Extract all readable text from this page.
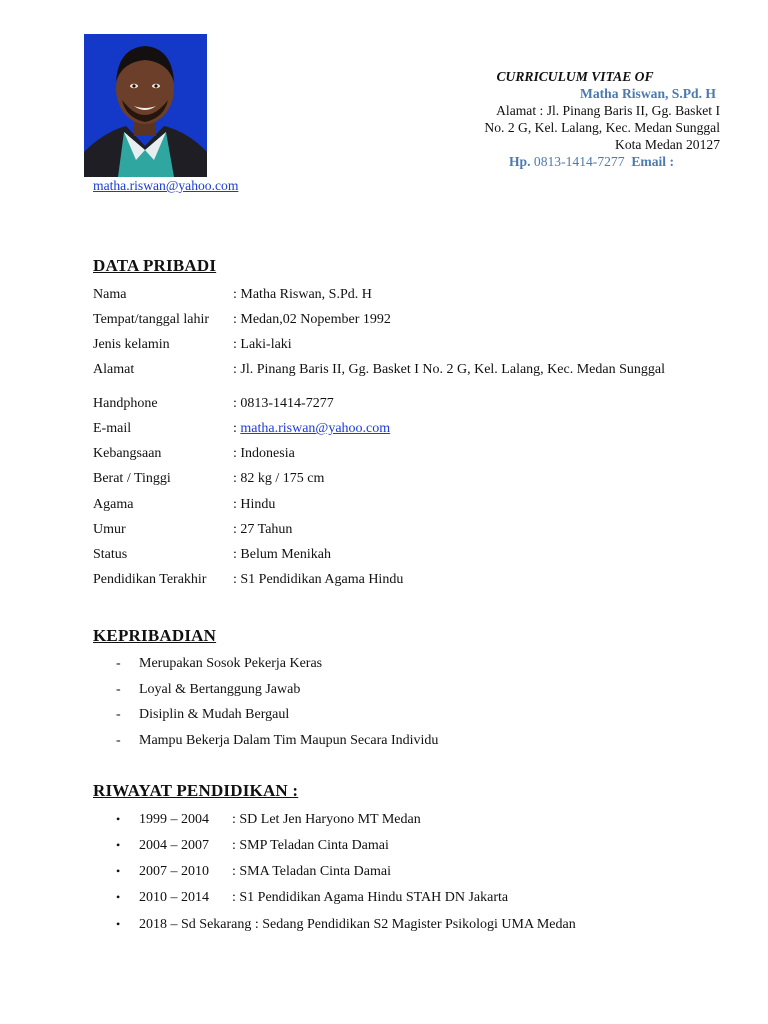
CURRICULUM VITAE OF
Matha Riswan, S.Pd. H
Alamat : Jl. Pinang Baris II, Gg. Basket I
No. 2 G, Kel. Lalang, Kec. Medan Sunggal
Kota Medan 20127
Hp. 0813-1414-7277 Email :
matha.riswan@yahoo.com
DATA PRIBADI
Nama	: Matha Riswan, S.Pd. H
Tempat/tanggal lahir : Medan,02 Nopember 1992
Jenis kelamin	: Laki-laki
Alamat	: Jl. Pinang Baris II, Gg. Basket I No. 2 G, Kel. Lalang, Kec. Medan Sunggal
Handphone	: 0813-1414-7277
E-mail	: matha.riswan@yahoo.com
Kebangsaan	: Indonesia
Berat / Tinggi	: 82 kg / 175 cm
Agama	: Hindu
Umur	: 27 Tahun
Status	: Belum Menikah
Pendidikan Terakhir : S1 Pendidikan Agama Hindu
KEPRIBADIAN
- Merupakan Sosok Pekerja Keras
- Loyal & Bertanggung Jawab
- Disiplin & Mudah Bergaul
- Mampu Bekerja Dalam Tim Maupun Secara Individu
RIWAYAT PENDIDIKAN :
• 1999 – 2004 : SD Let Jen Haryono MT Medan
• 2004 – 2007 : SMP Teladan Cinta Damai
• 2007 – 2010 : SMA Teladan Cinta Damai
• 2010 – 2014 : S1 Pendidikan Agama Hindu STAH DN Jakarta
• 2018 – Sd Sekarang : Sedang Pendidikan S2 Magister Psikologi UMA Medan
